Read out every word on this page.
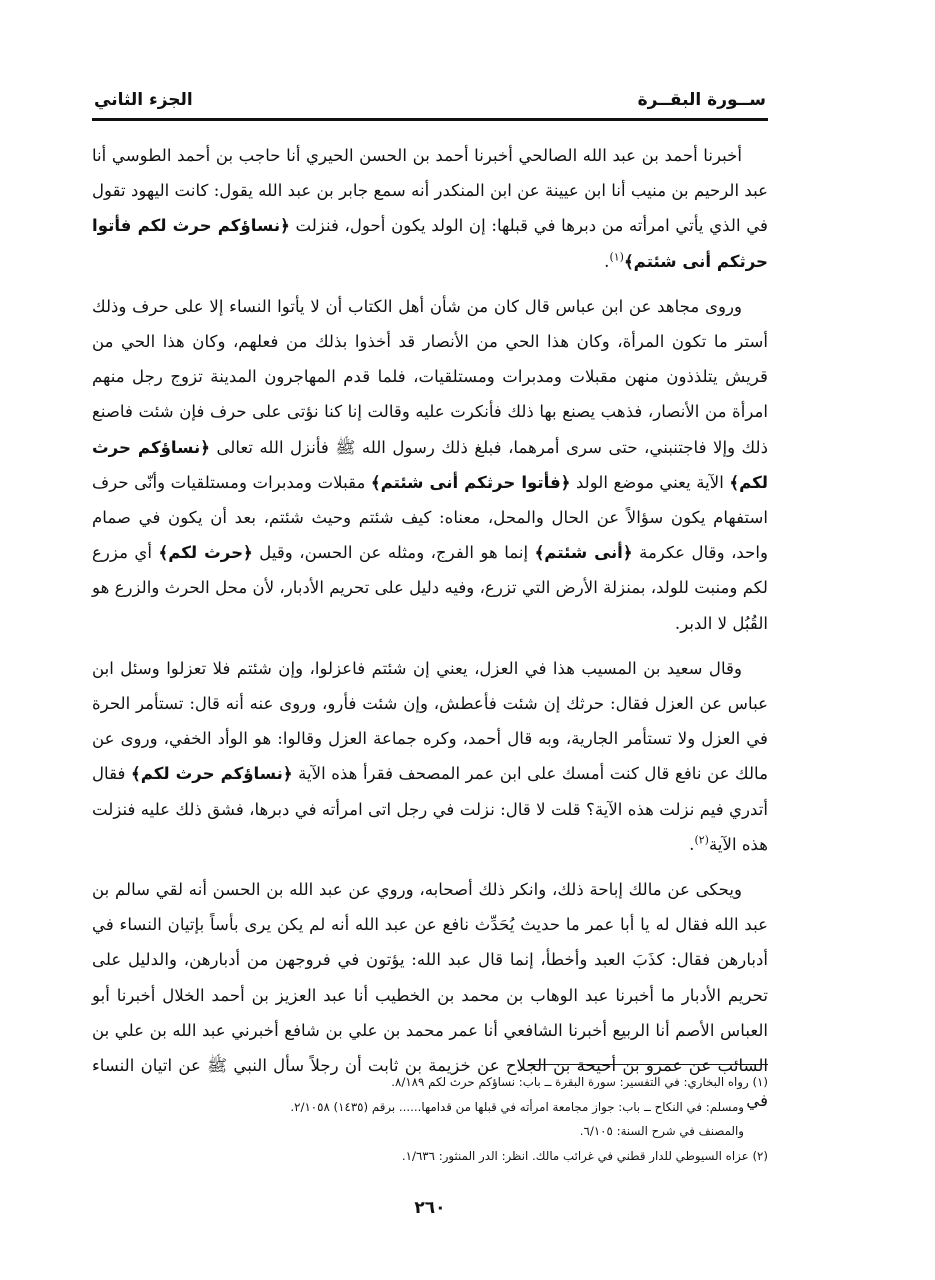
ســورة البقــرة
الجزء الثاني

أخبرنا أحمد بن عبد الله الصالحي أخبرنا أحمد بن الحسن الحيري أنا حاجب بن أحمد الطوسي أنا عبد الرحيم بن منيب أنا ابن عيينة عن ابن المنكدر أنه سمع جابر بن عبد الله يقول: كانت اليهود تقول في الذي يأتي امرأته من دبرها في قبلها: إن الولد يكون أحول، فنزلت ﴿نساؤكم حرث لكم فأتوا حرثكم أنى شئتم﴾$^{(١)}$.

وروى مجاهد عن ابن عباس قال كان من شأن أهل الكتاب أن لا يأتوا النساء إلا على حرف وذلك أستر ما تكون المرأة، وكان هذا الحي من الأنصار قد أخذوا بذلك من فعلهم، وكان هذا الحي من قريش يتلذذون منهن مقبلات ومدبرات ومستلقيات، فلما قدم المهاجرون المدينة تزوج رجل منهم امرأة من الأنصار، فذهب يصنع بها ذلك فأنكرت عليه وقالت إنا كنا نؤتى على حرف فإن شئت فاصنع ذلك وإلا فاجتنبني، حتى سرى أمرهما، فبلغ ذلك رسول الله ﷺ فأنزل الله تعالى ﴿نساؤكم حرث لكم﴾ الآية يعني موضع الولد ﴿فأتوا حرثكم أنى شئتم﴾ مقبلات ومدبرات ومستلقيات وأنّى حرف استفهام يكون سؤالاً عن الحال والمحل، معناه: كيف شئتم وحيث شئتم، بعد أن يكون في صمام واحد، وقال عكرمة ﴿أنى شئتم﴾ إنما هو الفرج، ومثله عن الحسن، وقيل ﴿حرث لكم﴾ أي مزرع لكم ومنبت للولد، بمنزلة الأرض التي تزرع، وفيه دليل على تحريم الأدبار، لأن محل الحرث والزرع هو القُبُل لا الدبر.

وقال سعيد بن المسيب هذا في العزل، يعني إن شئتم فاعزلوا، وإن شئتم فلا تعزلوا وسئل ابن عباس عن العزل فقال: حرثك إن شئت فأعطش، وإن شئت فأرو، وروى عنه أنه قال: تستأمر الحرة في العزل ولا تستأمر الجارية، وبه قال أحمد، وكره جماعة العزل وقالوا: هو الوأد الخفي، وروى عن مالك عن نافع قال كنت أمسك على ابن عمر المصحف فقرأ هذه الآية ﴿نساؤكم حرث لكم﴾ فقال أتدري فيم نزلت هذه الآية؟ قلت لا قال: نزلت في رجل اتى امرأته في دبرها، فشق ذلك عليه فنزلت هذه الآية$^{(٢)}$.

ويحكى عن مالك إباحة ذلك، وانكر ذلك أصحابه، وروي عن عبد الله بن الحسن أنه لقي سالم بن عبد الله فقال له يا أبا عمر ما حديث يُحَدِّث نافع عن عبد الله أنه لم يكن يرى بأساً بإتيان النساء في أدبارهن فقال: كذَبَ العبد وأخطأ، إنما قال عبد الله: يؤتون في فروجهن من أدبارهن، والدليل على تحريم الأدبار ما أخبرنا عبد الوهاب بن محمد بن الخطيب أنا عبد العزيز بن أحمد الخلال أخبرنا أبو العباس الأصم أنا الربيع أخبرنا الشافعي أنا عمر محمد بن علي بن شافع أخبرني عبد الله بن علي بن السائب عن عمرو بن أحيحة بن الجلاح عن خزيمة بن ثابت أن رجلاً سأل النبي ﷺ عن اتيان النساء في

(١) رواه البخاري: في التفسير: سورة البقرة ــ باب: نساؤكم حرث لكم ٨/١٨٩.
ومسلم: في النكاح ــ باب: جواز مجامعة امرأته في قبلها من قدامها...... برقم (١٤٣٥) ٢/١٠٥٨.
والمصنف في شرح السنة: ٦/١٠٥.
(٢) عزاه السيوطي للدار قطني في غرائب مالك. انظر: الدر المنثور: ١/٦٣٦.
٢٦٠
